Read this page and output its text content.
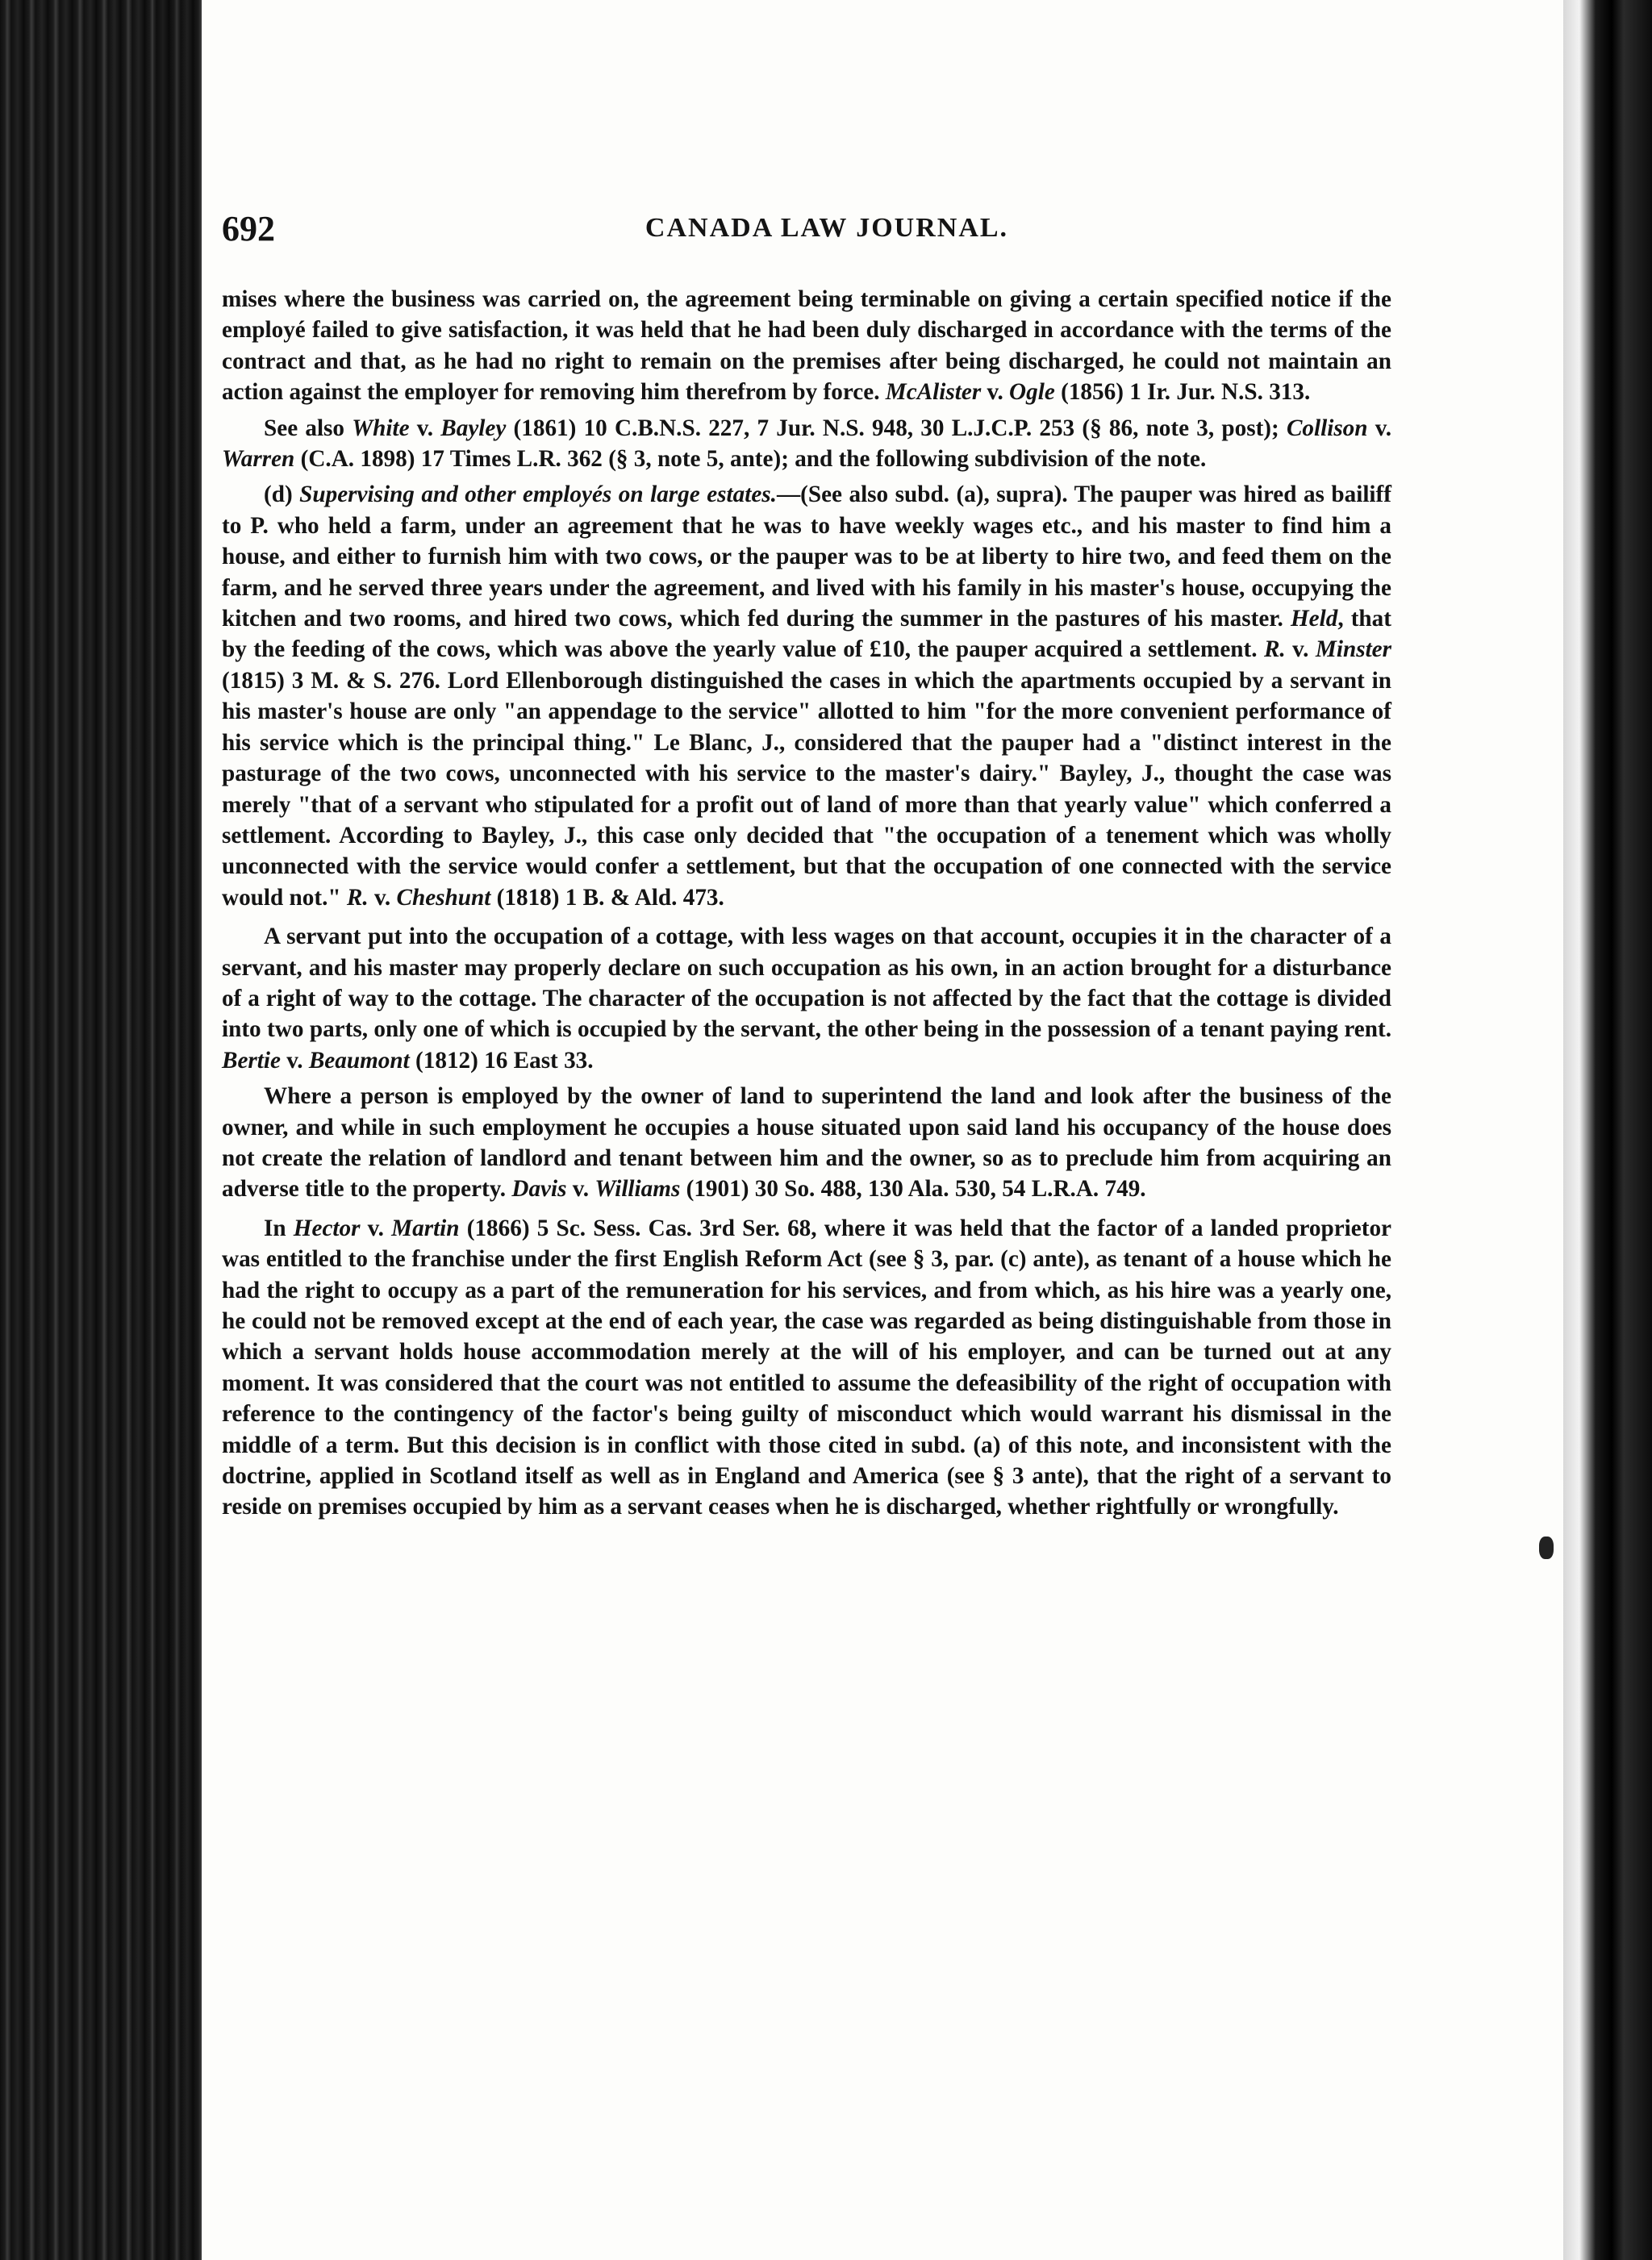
692	CANADA LAW JOURNAL.

mises where the business was carried on, the agreement being terminable on giving a certain specified notice if the employé failed to give satisfaction, it was held that he had been duly discharged in accordance with the terms of the contract and that, as he had no right to remain on the premises after being discharged, he could not maintain an action against the employer for removing him therefrom by force. McAlister v. Ogle (1856) 1 Ir. Jur. N.S. 313.

See also White v. Bayley (1861) 10 C.B.N.S. 227, 7 Jur. N.S. 948, 30 L.J.C.P. 253 (§ 86, note 3, post); Collison v. Warren (C.A. 1898) 17 Times L.R. 362 (§ 3, note 5, ante); and the following subdivision of the note.

(d) Supervising and other employés on large estates.—(See also subd. (a), supra). The pauper was hired as bailiff to P. who held a farm, under an agreement that he was to have weekly wages etc., and his master to find him a house, and either to furnish him with two cows, or the pauper was to be at liberty to hire two, and feed them on the farm, and he served three years under the agreement, and lived with his family in his master's house, occupying the kitchen and two rooms, and hired two cows, which fed during the summer in the pastures of his master. Held, that by the feeding of the cows, which was above the yearly value of £10, the pauper acquired a settlement. R. v. Minster (1815) 3 M. & S. 276. Lord Ellenborough distinguished the cases in which the apartments occupied by a servant in his master's house are only "an appendage to the service" allotted to him "for the more convenient performance of his service which is the principal thing." Le Blanc, J., considered that the pauper had a "distinct interest in the pasturage of the two cows, unconnected with his service to the master's dairy." Bayley, J., thought the case was merely "that of a servant who stipulated for a profit out of land of more than that yearly value" which conferred a settlement. According to Bayley, J., this case only decided that "the occupation of a tenement which was wholly unconnected with the service would confer a settlement, but that the occupation of one connected with the service would not." R. v. Cheshunt (1818) 1 B. & Ald. 473.

A servant put into the occupation of a cottage, with less wages on that account, occupies it in the character of a servant, and his master may properly declare on such occupation as his own, in an action brought for a disturbance of a right of way to the cottage. The character of the occupation is not affected by the fact that the cottage is divided into two parts, only one of which is occupied by the servant, the other being in the possession of a tenant paying rent. Bertie v. Beaumont (1812) 16 East 33.

Where a person is employed by the owner of land to superintend the land and look after the business of the owner, and while in such employment he occupies a house situated upon said land his occupancy of the house does not create the relation of landlord and tenant between him and the owner, so as to preclude him from acquiring an adverse title to the property. Davis v. Williams (1901) 30 So. 488, 130 Ala. 530, 54 L.R.A. 749.

In Hector v. Martin (1866) 5 Sc. Sess. Cas. 3rd Ser. 68, where it was held that the factor of a landed proprietor was entitled to the franchise under the first English Reform Act (see § 3, par. (c) ante), as tenant of a house which he had the right to occupy as a part of the remuneration for his services, and from which, as his hire was a yearly one, he could not be removed except at the end of each year, the case was regarded as being distinguishable from those in which a servant holds house accommodation merely at the will of his employer, and can be turned out at any moment. It was considered that the court was not entitled to assume the defeasibility of the right of occupation with reference to the contingency of the factor's being guilty of misconduct which would warrant his dismissal in the middle of a term. But this decision is in conflict with those cited in subd. (a) of this note, and inconsistent with the doctrine, applied in Scotland itself as well as in England and America (see § 3 ante), that the right of a servant to reside on premises occupied by him as a servant ceases when he is discharged, whether rightfully or wrongfully.
